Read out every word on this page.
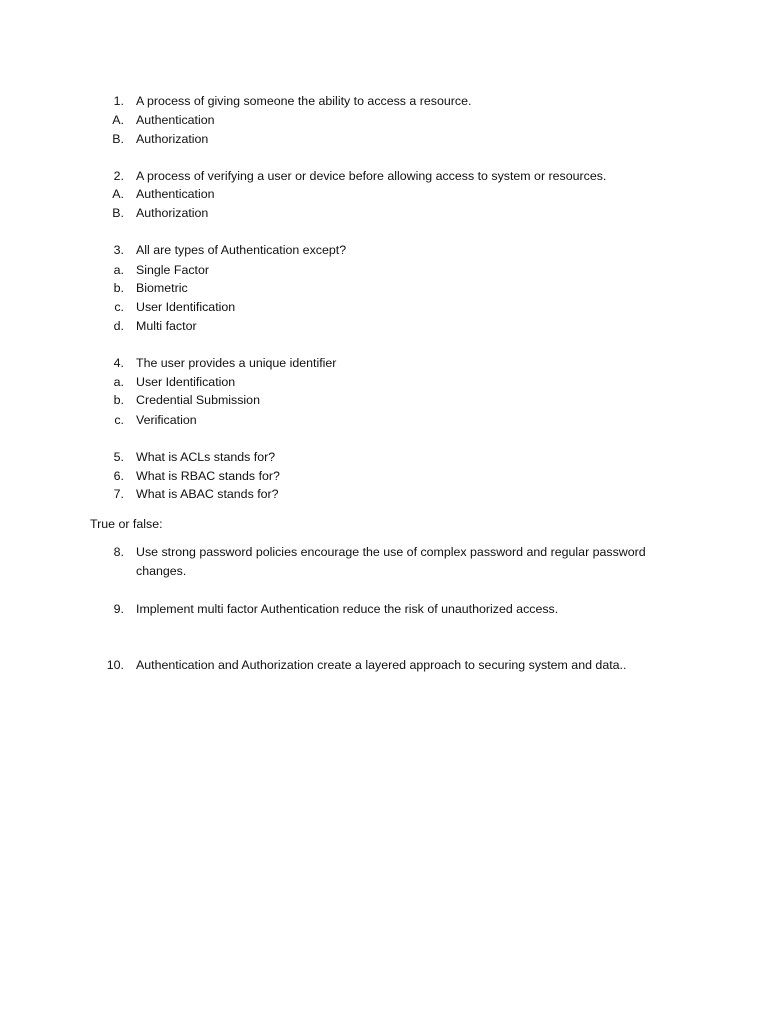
1. A process of giving someone the ability to access a resource.
A. Authentication
B. Authorization
2. A process of verifying a user or device before allowing access to system or resources.
A. Authentication
B. Authorization
3. All are types of Authentication except?
a. Single Factor
b. Biometric
c. User Identification
d. Multi factor
4. The user provides a unique identifier
a. User Identification
b. Credential Submission
c. Verification
5. What is ACLs stands for?
6. What is RBAC stands for?
7. What is ABAC stands for?
True or false:
8. Use strong password policies encourage the use of complex password and regular password
changes.
9. Implement multi factor Authentication reduce the risk of unauthorized access.
10. Authentication and Authorization create a layered approach to securing system and data..
